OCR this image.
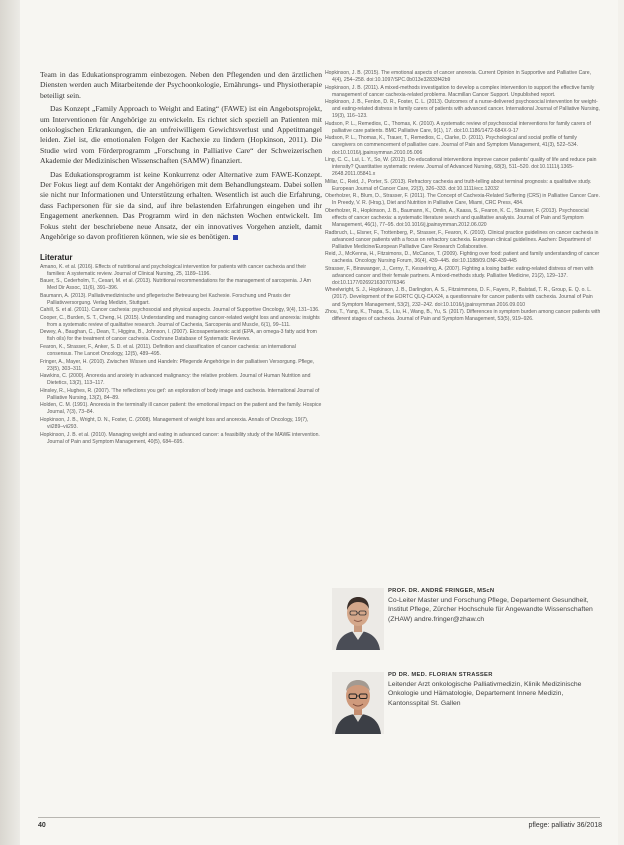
Team in das Edukationsprogramm einbezogen. Neben den Pflegenden und den ärztlichen Diensten werden auch Mitarbeitende der Psychoonkologie, Ernährungs- und Physiotherapie beteiligt sein.

Das Konzept „Family Approach to Weight and Eating“ (FAWE) ist ein Angebotsprojekt, um Interventionen für Angehörige zu entwickeln. Es richtet sich speziell an Patienten mit onkologischen Erkrankungen, die an unfreiwilligem Gewichtsverlust und Appetitmangel leiden. Ziel ist, die emotionalen Folgen der Kachexie zu lindern (Hopkinson, 2011). Die Studie wird vom Förderprogramm „Forschung in Palliative Care“ der Schweizerischen Akademie der Medizinischen Wissenschaften (SAMW) finanziert.

Das Edukationsprogramm ist keine Konkurrenz oder Alternative zum FAWE-Konzept. Der Fokus liegt auf dem Kontakt der Angehörigen mit dem Behandlungsteam. Dabei sollen sie nicht nur Informationen und Unterstützung erhalten. Wesentlich ist auch die Erfahrung, dass Fachpersonen für sie da sind, auf ihre belastenden Erfahrungen eingehen und ihr Engagement anerkennen. Das Programm wird in den nächsten Wochen entwickelt. Im Fokus steht der beschriebene neue Ansatz, der ein innovatives Vorgehen anzielt, damit Angehörige so davon profitieren können, wie sie es benötigen.

Literatur
Amano, K. et al. (2016). Effects of nutritional and psychological intervention for patients with cancer cachexia and their families: A systematic review. Journal of Clinical Nursing, 25, 1189–1196.
Bauer, S., Cederholm, T., Cesari, M. et al. (2013). Nutritional recommendations for the management of sarcopenia. J Am Med Dir Assoc, 11(6), 391–396.
Baumann, A. (2013). Palliativmedizinische und pflegerische Betreuung bei Kachexie. Forschung und Praxis der Palliativversorgung. Verlag Medizin, Stuttgart.
Cahill, S. et al. (2011). Cancer cachexia: psychosocial and physical aspects. Journal of Supportive Oncology, 9(4), 131–136.
Cooper, C., Burden, S. T., Cheng, H. (2015). Understanding and managing cancer-related weight loss and anorexia: insights from a systematic review of qualitative research. Journal of Cachexia, Sarcopenia and Muscle, 6(1), 99–111.
Dewey, A., Baughan, C., Dean, T., Higgins, B., Johnson, I. (2007). Eicosapentaenoic acid (EPA, an omega-3 fatty acid from fish oils) for the treatment of cancer cachexia. Cochrane Database of Systematic Reviews.
Fearon, K., Strasser, F., Anker, S. D. et al. (2011). Definition and classification of cancer cachexia: an international consensus. The Lancet Oncology, 12(5), 489–495.
Fringer, A., Mayer, H. (2010). Zwischen Wissen und Handeln: Pflegende Angehörige in der palliativen Versorgung. Pflege, 23(5), 303–311.
Hawkins, C. (2000). Anorexia and anxiety in advanced malignancy: the relative problem. Journal of Human Nutrition and Dietetics, 13(2), 113–117.
Hinsley, R., Hughes, R. (2007). 'The reflections you get': an exploration of body image and cachexia. International Journal of Palliative Nursing, 13(2), 84–89.
Holden, C. M. (1991). Anorexia in the terminally ill cancer patient: the emotional impact on the patient and the family. Hospice Journal, 7(3), 73–84.
Hopkinson, J. B., Wright, D. N., Foster, C. (2008). Management of weight loss and anorexia. Annals of Oncology, 19(7), vii289–vii293.
Hopkinson, J. B. et al. (2010). Managing weight and eating in advanced cancer: a feasibility study of the MAWE intervention. Journal of Pain and Symptom Management, 40(5), 684–695.
Hopkinson, J. B. (2015). The emotional aspects of cancer anorexia. Current Opinion in Supportive and Palliative Care, 4(4), 254–258. doi:10.1097/SPC.0b013e32833f42b9
Hopkinson, J. B. (2011). A mixed-methods investigation to develop a complex intervention to support the effective family management of cancer cachexia-related problems. Macmillan Cancer Support. Unpublished report.
Hopkinson, J. B., Fenlon, D. R., Foster, C. L. (2013). Outcomes of a nurse-delivered psychosocial intervention for weight- and eating-related distress in family carers of patients with advanced cancer. International Journal of Palliative Nursing, 19(3), 116–123.
Hudson, P. L., Remedios, C., Thomas, K. (2010). A systematic review of psychosocial interventions for family carers of palliative care patients. BMC Palliative Care, 9(1), 17. doi:10.1186/1472-684X-9-17
Hudson, P. L., Thomas, K., Trauer, T., Remedios, C., Clarke, D. (2011). Psychological and social profile of family caregivers on commencement of palliative care. Journal of Pain and Symptom Management, 41(3), 522–534. doi:10.1016/j.jpainsymman.2010.05.006
Ling, C. C., Lui, L. Y., So, W. (2012). Do educational interventions improve cancer patients' quality of life and reduce pain intensity? Quantitative systematic review. Journal of Advanced Nursing, 68(3), 511–520. doi:10.1111/j.1365-2648.2011.05841.x
Millar, C., Reid, J., Porter, S. (2013). Refractory cachexia and truth-telling about terminal prognosis: a qualitative study. European Journal of Cancer Care, 22(3), 326–333. doi:10.1111/ecc.12032
Oberholzer, R., Blum, D., Strasser, F. (2011). The Concept of Cachexia-Related Suffering (CRS) in Palliative Cancer Care. In Preedy, V. R. (Hrsg.), Diet and Nutrition in Palliative Care, Miami, CRC Press, 484.
Oberholzer, R., Hopkinson, J. B., Baumann, K., Omlin, A., Kaasa, S., Fearon, K. C., Strasser, F. (2013). Psychosocial effects of cancer cachexia: a systematic literature search and qualitative analysis. Journal of Pain and Symptom Management, 46(1), 77–95. doi:10.1016/j.jpainsymman.2012.06.020
Radbruch, L., Elsner, F., Trottenberg, P., Strasser, F., Fearon, K. (2010). Clinical practice guidelines on cancer cachexia in advanced cancer patients with a focus on refractory cachexia. European clinical guidelines. Aachen: Department of Palliative Medicine/European Palliative Care Research Collaborative.
Reid, J., McKenna, H., Fitzsimons, D., McCance, T. (2009). Fighting over food: patient and family understanding of cancer cachexia. Oncology Nursing Forum, 36(4), 439–445. doi:10.1188/09.ONF.439-445
Strasser, F., Binswanger, J., Cerny, T., Kesselring, A. (2007). Fighting a losing battle: eating-related distress of men with advanced cancer and their female partners. A mixed-methods study. Palliative Medicine, 21(2), 129–137. doi:10.1177/0269216307076346
Wheelwright, S. J., Hopkinson, J. B., Darlington, A. S., Fitzsimmons, D. F., Fayers, P., Balstad, T. R., Group, E. Q. o. L. (2017). Development of the EORTC QLQ-CAX24, a questionnaire for cancer patients with cachexia. Journal of Pain and Symptom Management, 53(2), 232–242. doi:10.1016/j.jpainsymman.2016.09.010
Zhou, T., Yang, K., Thapa, S., Liu, H., Wang, B., Yu, S. (2017). Differences in symptom burden among cancer patients with different stages of cachexia. Journal of Pain and Symptom Management, 53(5), 919–926.
PROF. DR. ANDRÉ FRINGER, MScN
Co-Leiter Master und Forschung Pflege, Departement Gesundheit, Institut Pflege, Zürcher Hochschule für Angewandte Wissenschaften (ZHAW) andre.fringer@zhaw.ch
PD DR. MED. FLORIAN STRASSER
Leitender Arzt onkologische Palliativmedizin, Klinik Medizinische Onkologie und Hämatologie, Departement Innere Medizin, Kantonsspital St. Gallen
40	pflege: palliativ 36/2018
